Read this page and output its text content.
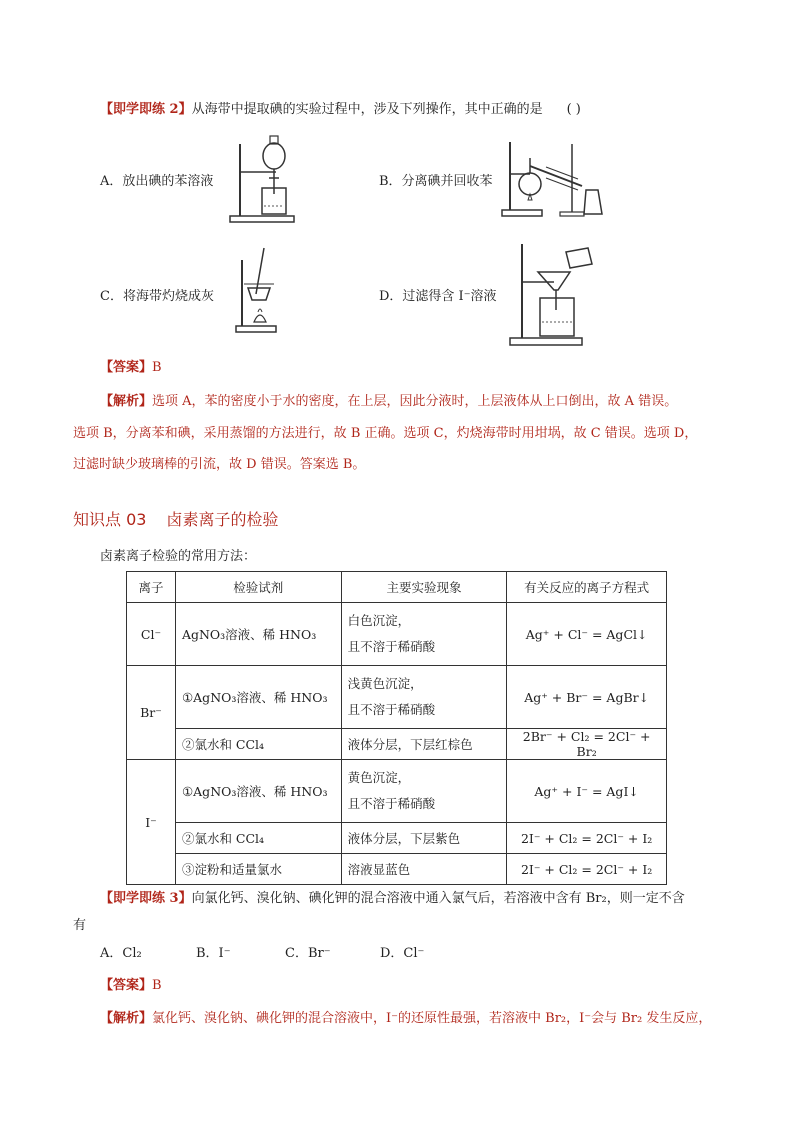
【即学即练 2】从海带中提取碘的实验过程中，涉及下列操作，其中正确的是 ( )
A．放出碘的苯溶液	B．分离碘并回收苯
C．将海带灼烧成灰	D．过滤得含 I⁻溶液
【答案】B
【解析】选项 A，苯的密度小于水的密度，在上层，因此分液时，上层液体从上口倒出，故 A 错误。
选项 B，分离苯和碘，采用蒸馏的方法进行，故 B 正确。选项 C，灼烧海带时用坩埚，故 C 错误。选项 D，
过滤时缺少玻璃棒的引流，故 D 错误。答案选 B。
知识点 03 卤素离子的检验
卤素离子检验的常用方法：
离子	检验试剂	主要实验现象	有关反应的离子方程式
Cl⁻	AgNO₃溶液、稀 HNO₃	白色沉淀，
且不溶于稀硝酸	Ag⁺ + Cl⁻ = AgCl↓
Br⁻	①AgNO₃溶液、稀 HNO₃	浅黄色沉淀，
且不溶于稀硝酸	Ag⁺ + Br⁻ = AgBr↓
	②氯水和 CCl₄	液体分层，下层红棕色	2Br⁻ + Cl₂ = 2Cl⁻ + Br₂
I⁻	①AgNO₃溶液、稀 HNO₃	黄色沉淀，
且不溶于稀硝酸	Ag⁺ + I⁻ = AgI↓
	②氯水和 CCl₄	液体分层，下层紫色	2I⁻ + Cl₂ = 2Cl⁻ + I₂
	③淀粉和适量氯水	溶液显蓝色	2I⁻ + Cl₂ = 2Cl⁻ + I₂
【即学即练 3】向氯化钙、溴化钠、碘化钾的混合溶液中通入氯气后，若溶液中含有 Br₂，则一定不含
有
A．Cl₂	B．I⁻	C．Br⁻	D．Cl⁻
【答案】B
【解析】氯化钙、溴化钠、碘化钾的混合溶液中，I⁻的还原性最强，若溶液中 Br₂，I⁻会与 Br₂ 发生反应，
